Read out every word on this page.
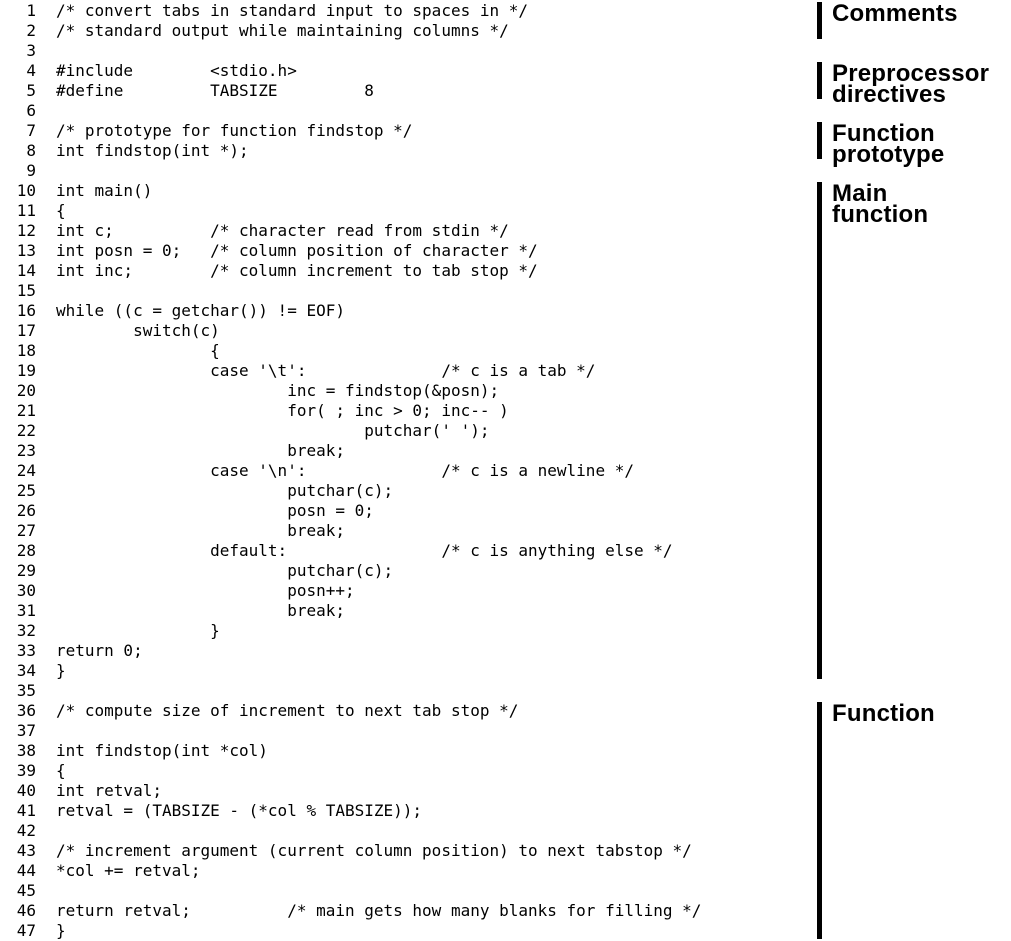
1 /* convert tabs in standard input to spaces in */
2 /* standard output while maintaining columns */
3
4 #include        <stdio.h>
5 #define         TABSIZE         8
6
7 /* prototype for function findstop */
8 int findstop(int *);
9
10 int main()
11 {
12 int c;          /* character read from stdin */
13 int posn = 0;   /* column position of character */
14 int inc;        /* column increment to tab stop */
15
16 while ((c = getchar()) != EOF)
17 switch(c)
18 {
19 case '\t':              /* c is a tab */
20 inc = findstop(&posn);
21 for( ; inc > 0; inc-- )
22 putchar(' ');
23 break;
24 case '\n':              /* c is a newline */
25 putchar(c);
26 posn = 0;
27 break;
28 default:                /* c is anything else */
29 putchar(c);
30 posn++;
31 break;
32 }
33 return 0;
34 }
35
36 /* compute size of increment to next tab stop */
37
38 int findstop(int *col)
39 {
40 int retval;
41 retval = (TABSIZE - (*col % TABSIZE));
42
43 /* increment argument (current column position) to next tabstop */
44 *col += retval;
45
46 return retval;          /* main gets how many blanks for filling */
47 }
Comments
Preprocessor
directives
Function
prototype
Main
function
Function
